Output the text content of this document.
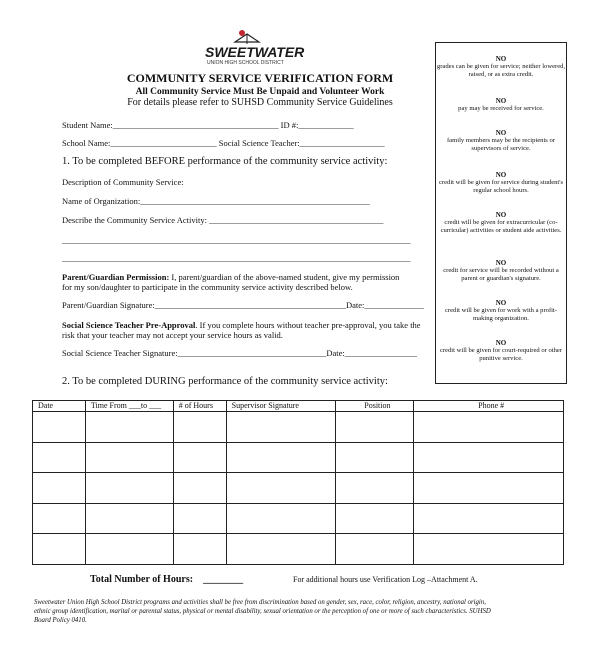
SWEETWATER
UNION HIGH SCHOOL DISTRICT
COMMUNITY SERVICE VERIFICATION FORM
All Community Service Must Be Unpaid and Volunteer Work
For details please refer to SUHSD Community Service Guidelines
Student Name:_______________________________________ ID #:_____________
School Name:_________________________ Social Science Teacher:____________________
1. To be completed BEFORE performance of the community service activity:
Description of Community Service:
Name of Organization:______________________________________________________
Describe the Community Service Activity: _________________________________________
__________________________________________________________________________________
__________________________________________________________________________________
Parent/Guardian Permission: I, parent/guardian of the above-named student, give my permission
for my son/daughter to participate in the community service activity described below.
Parent/Guardian Signature:_____________________________________________Date:______________
Social Science Teacher Pre-Approval. If you complete hours without teacher pre-approval, you take the
risk that your teacher may not accept your service hours as valid.
Social Science Teacher Signature:___________________________________Date:_________________
2. To be completed DURING performance of the community service activity:
NO
grades can be given for service; neither lowered, raised, or as extra credit.
NO
pay may be received for service.
NO
family members may be the recipients or supervisors of service.
NO
credit will be given for service during student's regular school hours.
NO
credit will be given for extracurricular (co-curricular) activities or student aide activities.
NO
credit for service will be recorded without a parent or guardian's signature.
NO
credit will be given for work with a profit-making organization.
NO
credit will be given for court-required or other punitive service.
Date	Time From ___to ___	# of Hours	Supervisor Signature	Position	Phone #

Total Number of Hours: ________	For additional hours use Verification Log –Attachment A.
Sweetwater Union High School District programs and activities shall be free from discrimination based on gender, sex, race, color, religion, ancestry, national origin, ethnic group identification, marital or parental status, physical or mental disability, sexual orientation or the perception of one or more of such characteristics. SUHSD Board Policy 0410.
